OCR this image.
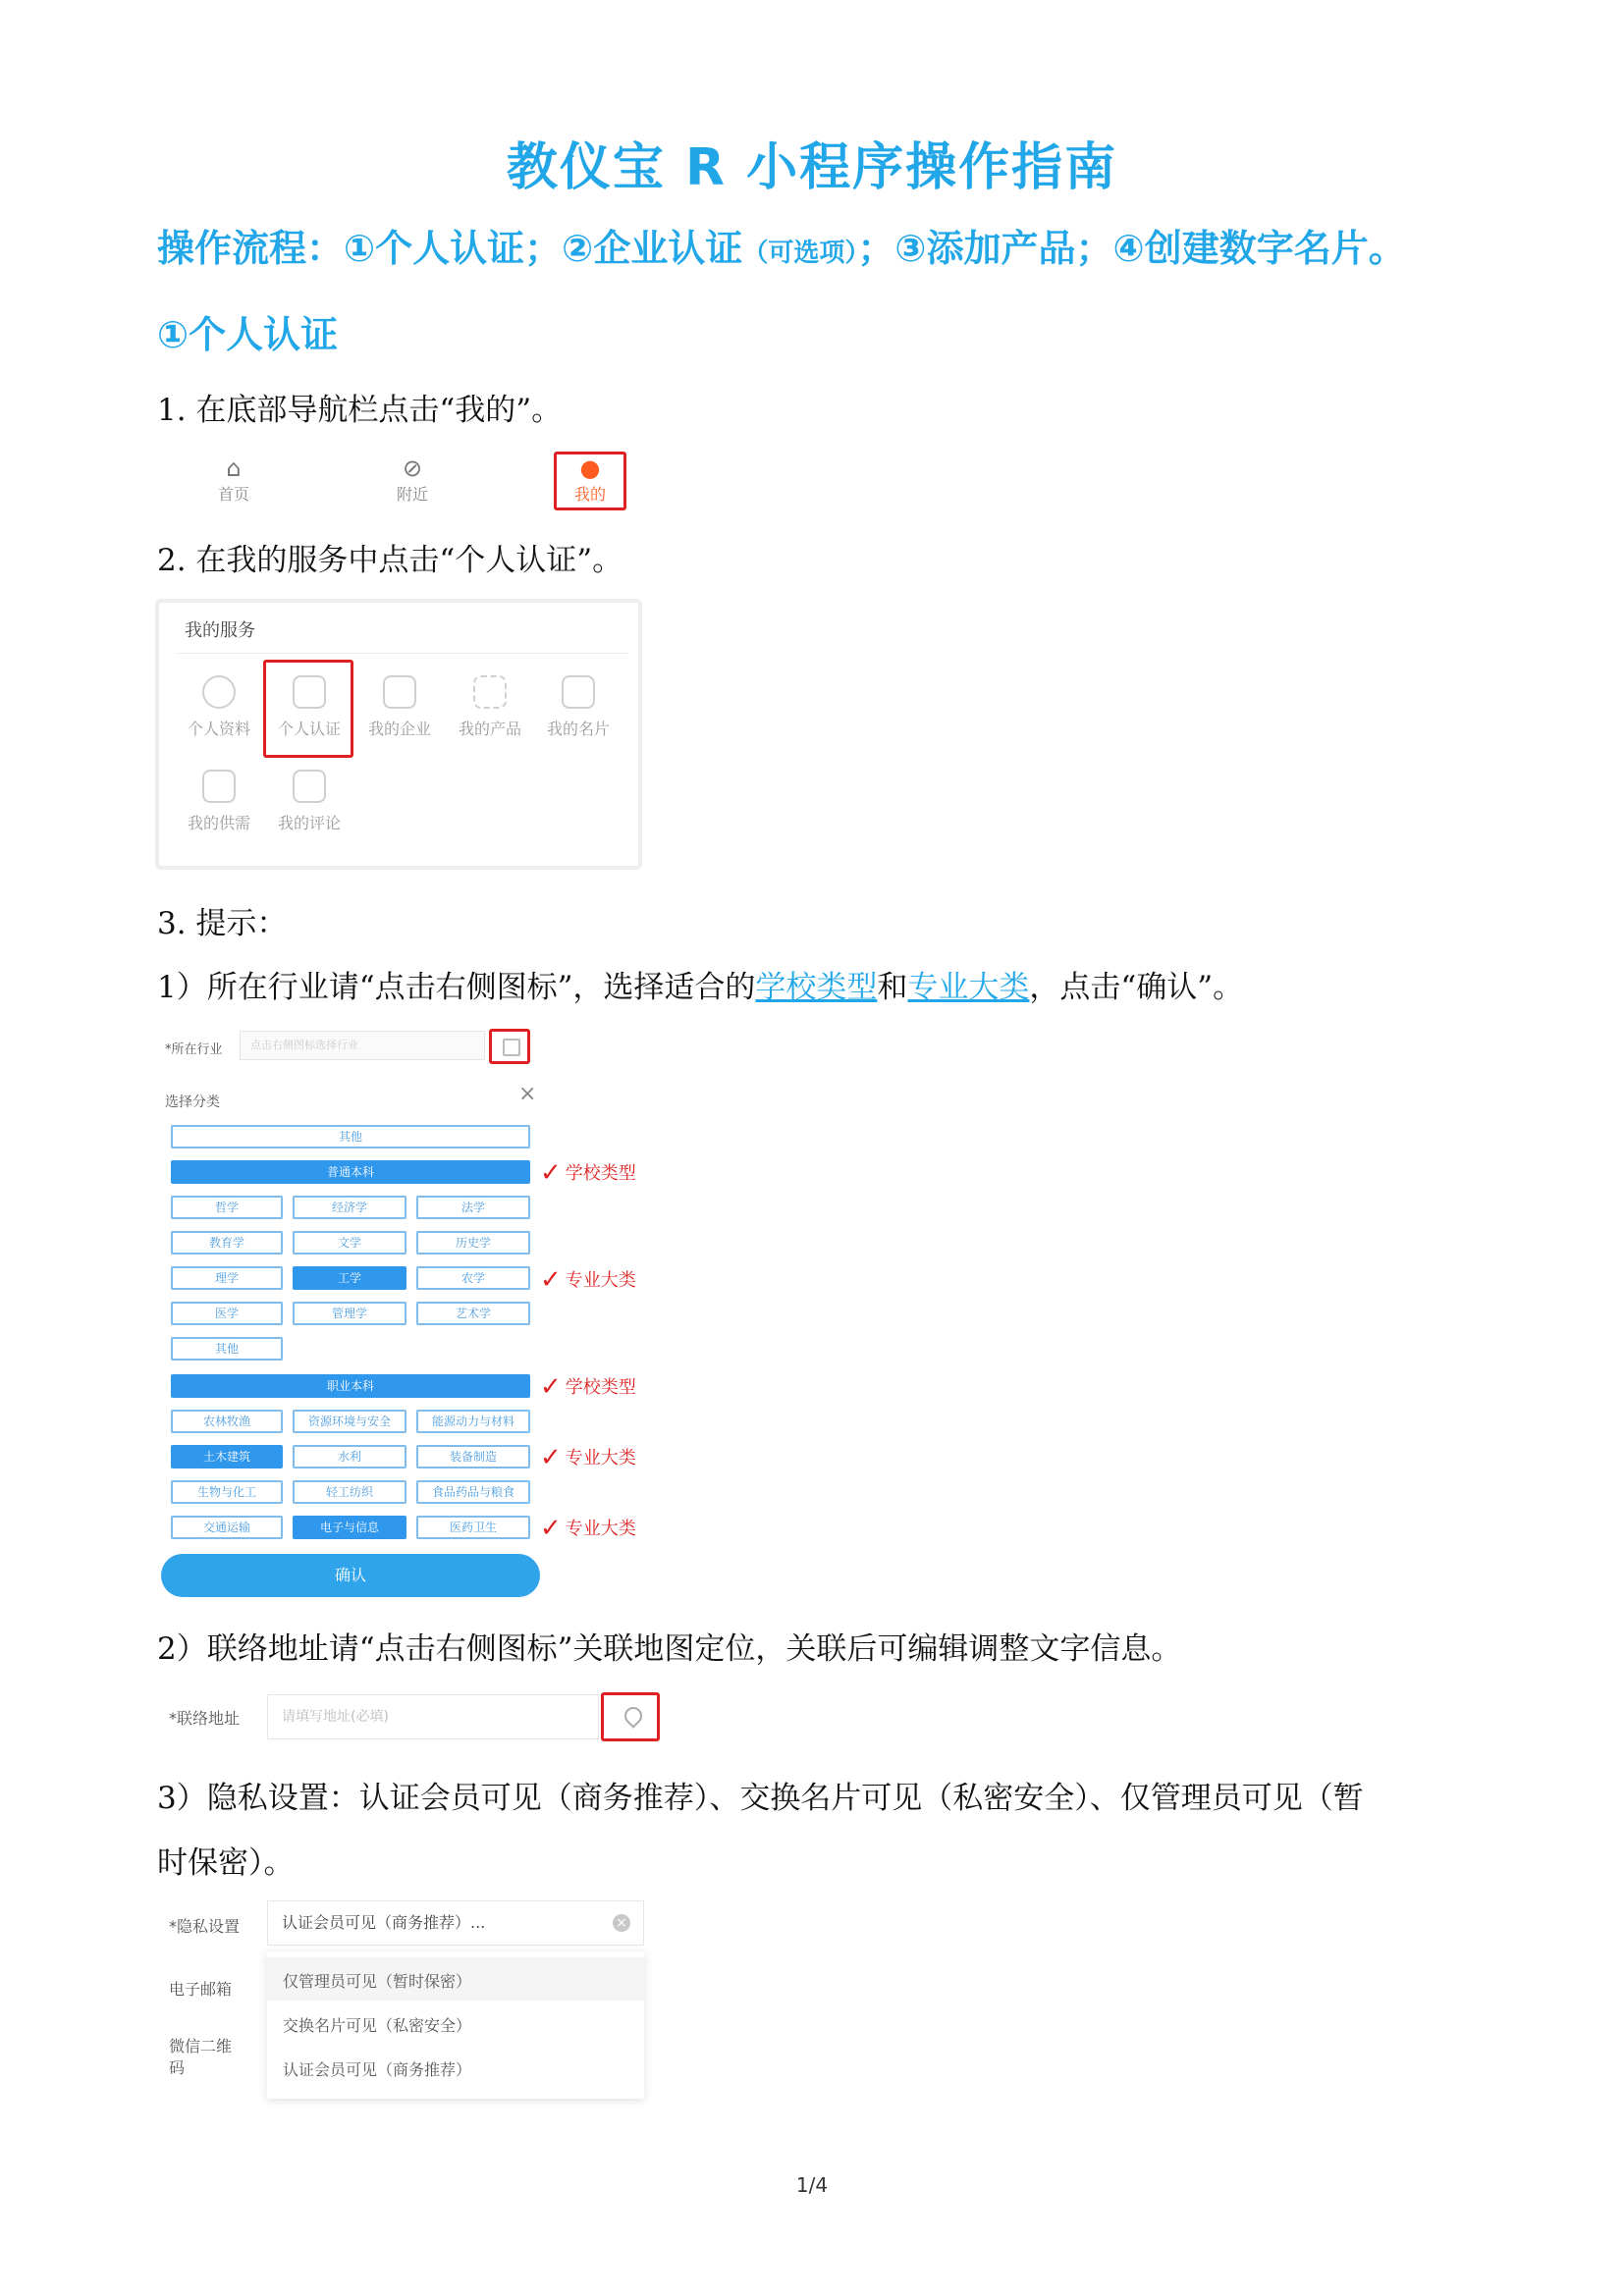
教仪宝 R 小程序操作指南
操作流程：①个人认证；②企业认证（可选项）；③添加产品；④创建数字名片。
①个人认证
1. 在底部导航栏点击“我的”。
⌂
首页
⊘
附近
●
我的
2. 在我的服务中点击“个人认证”。
我的服务
个人资料	个人认证	我的企业	我的产品	我的名片
我的供需	我的评论
3. 提示：
1）所在行业请“点击右侧图标”，选择适合的学校类型和专业大类，点击“确认”。
*所在行业	点击右侧图标选择行业
选择分类	×
其他
普通本科	✓ 学校类型
哲学	经济学	法学
教育学	文学	历史学
理学	工学	农学	✓ 专业大类
医学	管理学	艺术学
其他
职业本科	✓ 学校类型
农林牧渔	资源环境与安全	能源动力与材料
土木建筑	水利	装备制造	✓ 专业大类
生物与化工	轻工纺织	食品药品与粮食
交通运输	电子与信息	医药卫生	✓ 专业大类
确认
2）联络地址请“点击右侧图标”关联地图定位，关联后可编辑调整文字信息。
*联络地址	请填写地址(必填)
3）隐私设置：认证会员可见（商务推荐）、交换名片可见（私密安全）、仅管理员可见（暂
时保密）。
*隐私设置	认证会员可见（商务推荐）...	×
仅管理员可见（暂时保密）
交换名片可见（私密安全）
认证会员可见（商务推荐）
电子邮箱
微信二维码
1/4
